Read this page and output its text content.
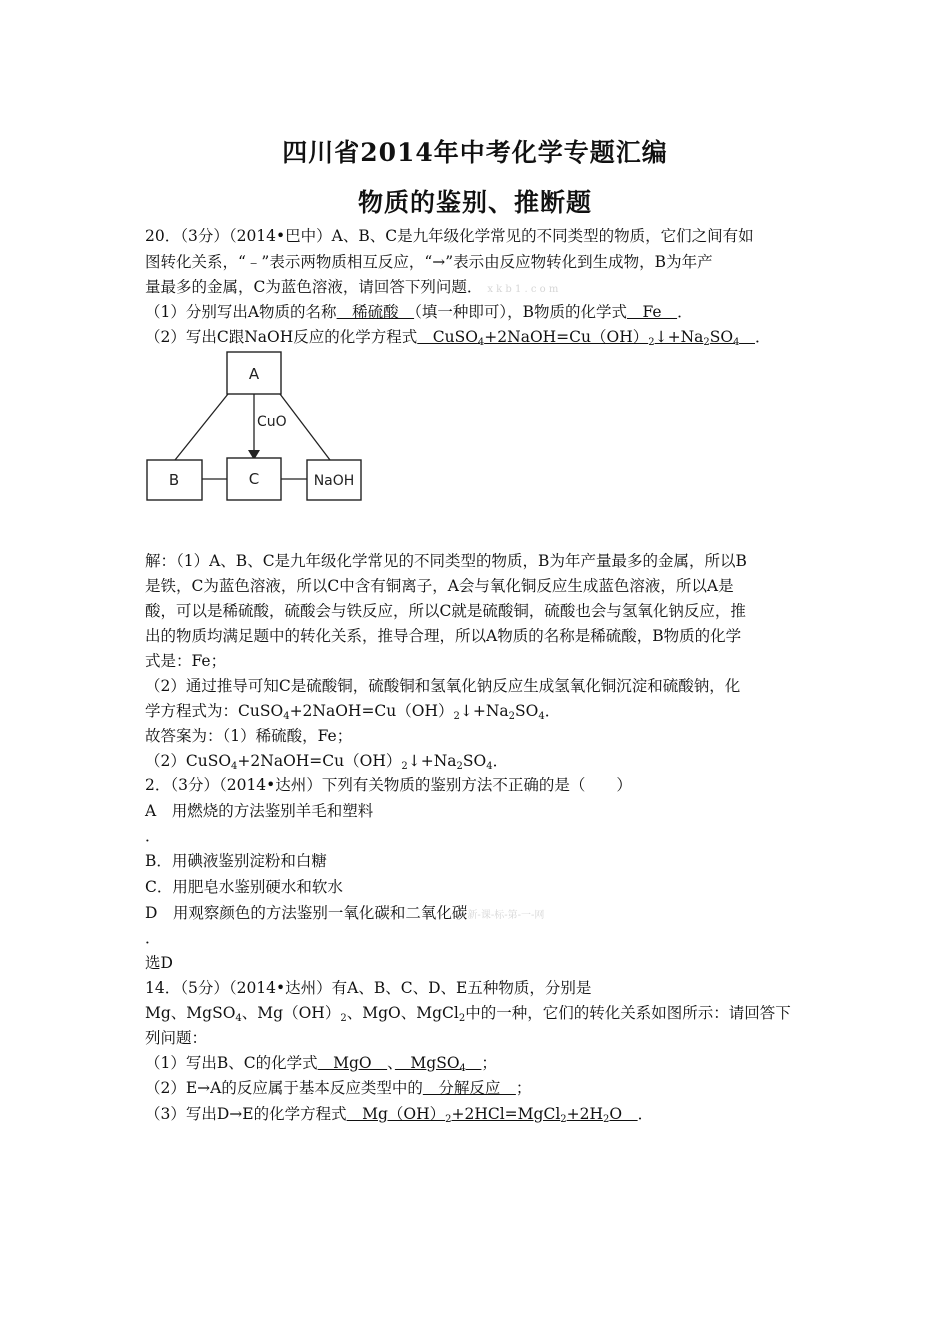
四川省2014年中考化学专题汇编
物质的鉴别、推断题
20．（3分）（2014•巴中）A、B、C是九年级化学常见的不同类型的物质，它们之间有如
图转化关系，“﹣”表示两物质相互反应，“→”表示由反应物转化到生成物，B为年产
量最多的金属，C为蓝色溶液，请回答下列问题． x k b 1 . c o m
（1）分别写出A物质的名称　稀硫酸　（填一种即可），B物质的化学式　Fe　．
（2）写出C跟NaOH反应的化学方程式　$CuSO_4+2NaOH=Cu(OH)_2↓+Na_2SO_4$　 ．
A
B	C	NaOH
CuO
解：（1）A、B、C是九年级化学常见的不同类型的物质，B为年产量最多的金属，所以B
是铁，C为蓝色溶液，所以C中含有铜离子，A会与氧化铜反应生成蓝色溶液，所以A是
酸，可以是稀硫酸，硫酸会与铁反应，所以C就是硫酸铜，硫酸也会与氢氧化钠反应，推
出的物质均满足题中的转化关系，推导合理，所以A物质的名称是稀硫酸，B物质的化学
式是：Fe；
（2）通过推导可知C是硫酸铜，硫酸铜和氢氧化钠反应生成氢氧化铜沉淀和硫酸钠，化
学方程式为：$CuSO_4+2NaOH=Cu(OH)_2↓+Na_2SO_4$．
故答案为：（1）稀硫酸，Fe；
$(2)CuSO_4+2NaOH=Cu(OH)_2↓+Na_2SO_4$．
2．（3分）（2014•达州）下列有关物质的鉴别方法不正确的是（　　）
A　用燃烧的方法鉴别羊毛和塑料
．
B．用碘液鉴别淀粉和白糖
C．用肥皂水鉴别硬水和软水
D　用观察颜色的方法鉴别一氧化碳和二氧化碳新-课-标-第-一-网
．
选D
14．（5分）（2014•达州）有A、B、C、D、E五种物质，分别是
Mg、MgSO$_4$、$Mg(OH)_2$、MgO、MgCl$_2$中的一种，它们的转化关系如图所示：请回答下
列问题：
（1）写出B、C的化学式　MgO　、　MgSO$_4$　 ；
（2）E→A的反应属于基本反应类型中的　分解反应　；
（3）写出D→E的化学方程式　$Mg(OH)_2+2HCl=MgCl_2+2H_2O$　．
